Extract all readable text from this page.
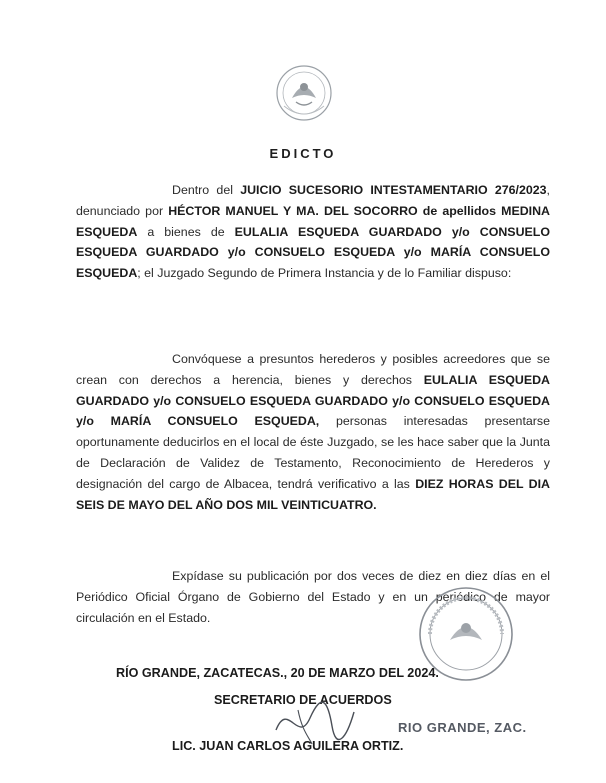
EDICTO
Dentro del JUICIO SUCESORIO INTESTAMENTARIO 276/2023, denunciado por HÉCTOR MANUEL Y MA. DEL SOCORRO de apellidos MEDINA ESQUEDA a bienes de EULALIA ESQUEDA GUARDADO y/o CONSUELO ESQUEDA GUARDADO y/o CONSUELO ESQUEDA y/o MARÍA CONSUELO ESQUEDA; el Juzgado Segundo de Primera Instancia y de lo Familiar dispuso:
Convóquese a presuntos herederos y posibles acreedores que se crean con derechos a herencia, bienes y derechos EULALIA ESQUEDA GUARDADO y/o CONSUELO ESQUEDA GUARDADO y/o CONSUELO ESQUEDA y/o MARÍA CONSUELO ESQUEDA, personas interesadas presentarse oportunamente deducirlos en el local de éste Juzgado, se les hace saber que la Junta de Declaración de Validez de Testamento, Reconocimiento de Herederos y designación del cargo de Albacea, tendrá verificativo a las DIEZ HORAS DEL DIA SEIS DE MAYO DEL AÑO DOS MIL VEINTICUATRO.
Expídase su publicación por dos veces de diez en diez días en el Periódico Oficial Órgano de Gobierno del Estado y en un periódico de mayor circulación en el Estado.
RÍO GRANDE, ZACATECAS., 20 DE MARZO DEL 2024.
SECRETARIO DE ACUERDOS
RIO GRANDE, ZAC.
LIC. JUAN CARLOS AGUILERA ORTIZ.
